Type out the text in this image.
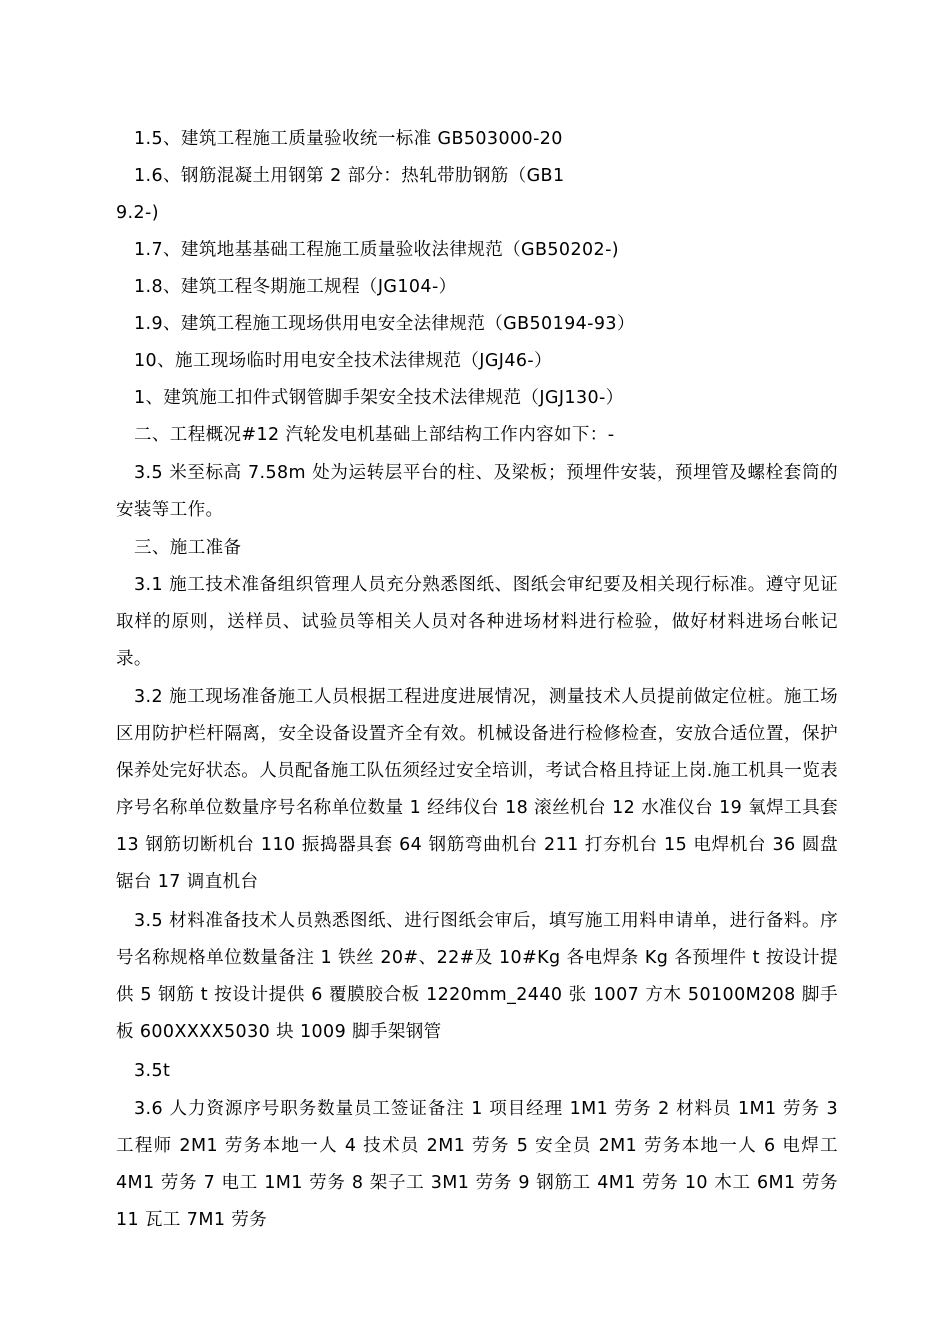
1.5、建筑工程施工质量验收统一标准 GB503000-20

1.6、钢筋混凝土用钢第 2 部分：热轧带肋钢筋（GB1

9.2-)

1.7、建筑地基基础工程施工质量验收法律规范（GB50202-)

1.8、建筑工程冬期施工规程（JG104-）

1.9、建筑工程施工现场供用电安全法律规范（GB50194-93）

10、施工现场临时用电安全技术法律规范（JGJ46-）

1、建筑施工扣件式钢管脚手架安全技术法律规范（JGJ130-）

二、工程概况#12 汽轮发电机基础上部结构工作内容如下：-

3.5 米至标高 7.58m 处为运转层平台的柱、及梁板；预埋件安装，预埋管及螺栓套筒的安装等工作。

三、施工准备

3.1 施工技术准备组织管理人员充分熟悉图纸、图纸会审纪要及相关现行标准。遵守见证取样的原则，送样员、试验员等相关人员对各种进场材料进行检验，做好材料进场台帐记录。

3.2 施工现场准备施工人员根据工程进度进展情况，测量技术人员提前做定位桩。施工场区用防护栏杆隔离，安全设备设置齐全有效。机械设备进行检修检查，安放合适位置，保护保养处完好状态。人员配备施工队伍须经过安全培训，考试合格且持证上岗.施工机具一览表序号名称单位数量序号名称单位数量 1 经纬仪台 18 滚丝机台 12 水准仪台 19 氧焊工具套 13 钢筋切断机台 110 振捣器具套 64 钢筋弯曲机台 211 打夯机台 15 电焊机台 36 圆盘锯台 17 调直机台

3.5 材料准备技术人员熟悉图纸、进行图纸会审后，填写施工用料申请单，进行备料。序号名称规格单位数量备注 1 铁丝 20#、22#及 10#Kg 各电焊条 Kg 各预埋件 t 按设计提供 5 钢筋 t 按设计提供 6 覆膜胶合板 1220mm_2440 张 1007 方木 50100M208 脚手板 600XXXX5030 块 1009 脚手架钢管

3.5t

3.6 人力资源序号职务数量员工签证备注 1 项目经理 1M1 劳务 2 材料员 1M1 劳务 3 工程师 2M1 劳务本地一人 4 技术员 2M1 劳务 5 安全员 2M1 劳务本地一人 6 电焊工 4M1 劳务 7 电工 1M1 劳务 8 架子工 3M1 劳务 9 钢筋工 4M1 劳务 10 木工 6M1 劳务 11 瓦工 7M1 劳务
